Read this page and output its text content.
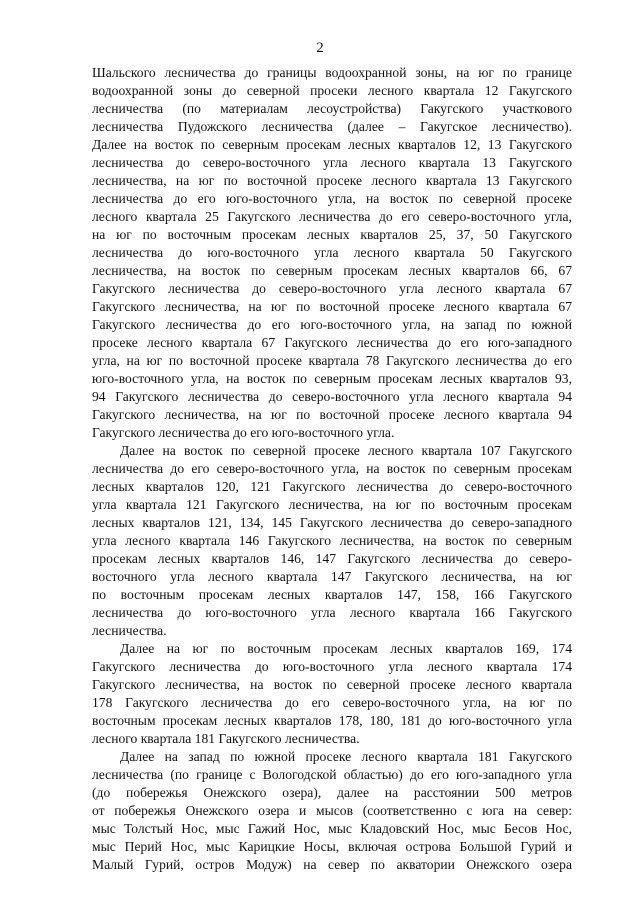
2
Шальского лесничества до границы водоохранной зоны, на юг по границе
водоохранной зоны до северной просеки лесного квартала 12 Гакугского
лесничества (по материалам лесоустройства) Гакугского участкового
лесничества Пудожского лесничества (далее – Гакугское лесничество).
Далее на восток по северным просекам лесных кварталов 12, 13 Гакугского
лесничества до северо-восточного угла лесного квартала 13 Гакугского
лесничества, на юг по восточной просеке лесного квартала 13 Гакугского
лесничества до его юго-восточного угла, на восток по северной просеке
лесного квартала 25 Гакугского лесничества до его северо-восточного угла,
на юг по восточным просекам лесных кварталов 25, 37, 50 Гакугского
лесничества до юго-восточного угла лесного квартала 50 Гакугского
лесничества, на восток по северным просекам лесных кварталов 66, 67
Гакугского лесничества до северо-восточного угла лесного квартала 67
Гакугского лесничества, на юг по восточной просеке лесного квартала 67
Гакугского лесничества до его юго-восточного угла, на запад по южной
просеке лесного квартала 67 Гакугского лесничества до его юго-западного
угла, на юг по восточной просеке квартала 78 Гакугского лесничества до его
юго-восточного угла, на восток по северным просекам лесных кварталов 93,
94 Гакугского лесничества до северо-восточного угла лесного квартала 94
Гакугского лесничества, на юг по восточной просеке лесного квартала 94
Гакугского лесничества до его юго-восточного угла.
Далее на восток по северной просеке лесного квартала 107 Гакугского
лесничества до его северо-восточного угла, на восток по северным просекам
лесных кварталов 120, 121 Гакугского лесничества до северо-восточного
угла квартала 121 Гакугского лесничества, на юг по восточным просекам
лесных кварталов 121, 134, 145 Гакугского лесничества до северо-западного
угла лесного квартала 146 Гакугского лесничества, на восток по северным
просекам лесных кварталов 146, 147 Гакугского лесничества до северо-
восточного угла лесного квартала 147 Гакугского лесничества, на юг
по восточным просекам лесных кварталов 147, 158, 166 Гакугского
лесничества до юго-восточного угла лесного квартала 166 Гакугского
лесничества.
Далее на юг по восточным просекам лесных кварталов 169, 174
Гакугского лесничества до юго-восточного угла лесного квартала 174
Гакугского лесничества, на восток по северной просеке лесного квартала
178 Гакугского лесничества до его северо-восточного угла, на юг по
восточным просекам лесных кварталов 178, 180, 181 до юго-восточного угла
лесного квартала 181 Гакугского лесничества.
Далее на запад по южной просеке лесного квартала 181 Гакугского
лесничества (по границе с Вологодской областью) до его юго-западного угла
(до побережья Онежского озера), далее на расстоянии 500 метров
от побережья Онежского озера и мысов (соответственно с юга на север:
мыс Толстый Нос, мыс Гажий Нос, мыс Кладовский Нос, мыс Бесов Нос,
мыс Перий Нос, мыс Карицкие Носы, включая острова Большой Гурий и
Малый Гурий, остров Модуж) на север по акватории Онежского озера
